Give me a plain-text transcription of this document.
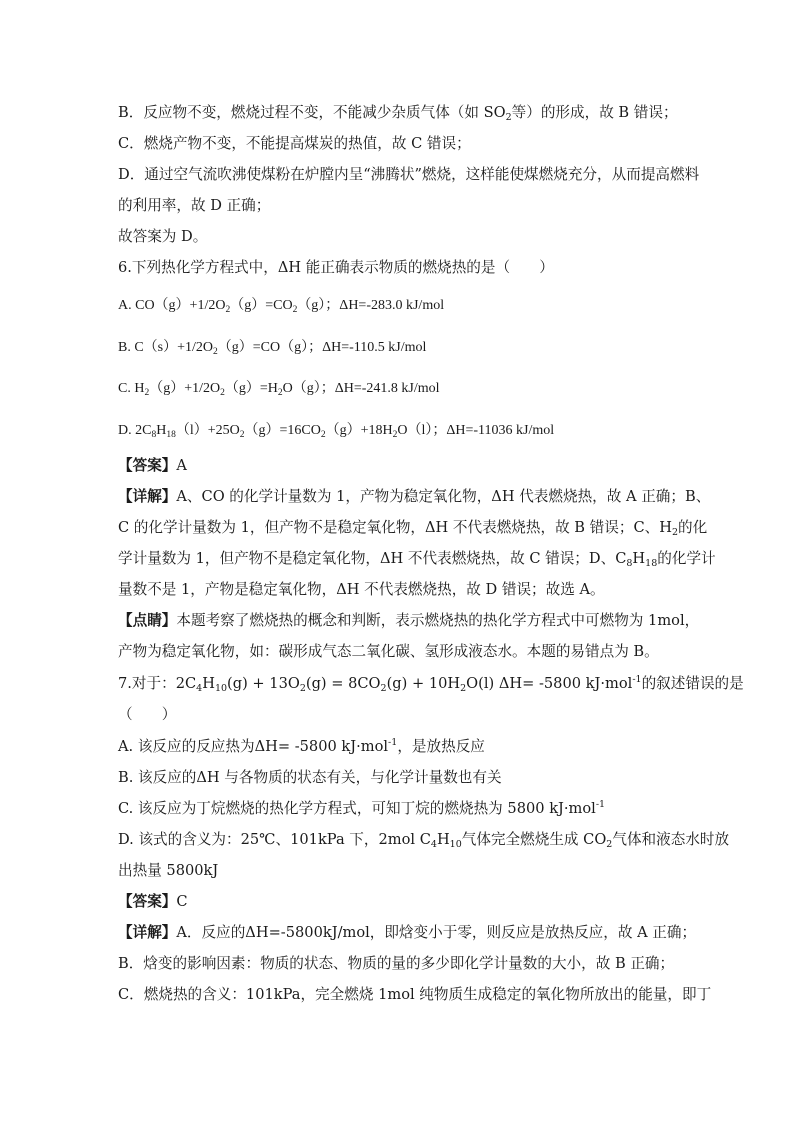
B．反应物不变，燃烧过程不变，不能减少杂质气体（如 $SO_2$等）的形成，故 B 错误；
C．燃烧产物不变，不能提高煤炭的热值，故 C 错误；
D．通过空气流吹沸使煤粉在炉膛内呈“沸腾状”燃烧，这样能使煤燃烧充分，从而提高燃料
的利用率，故 D 正确；
故答案为 D。
6.下列热化学方程式中，ΔH 能正确表示物质的燃烧热的是（　　）
A. $CO(g)+1/2O_2(g)=CO_2(g)$；ΔH=-283.0 kJ/mol
B. $C(s)+1/2O_2(g)=CO(g)$；ΔH=-110.5 kJ/mol
C. $H_2(g)+1/2O_2(g)=H_2O(g)$；ΔH=-241.8 kJ/mol
D. $2C_8H_{18}(l)+25O_2(g)=16CO_2(g)+18H_2O(l)$；ΔH=-11036 kJ/mol
【答案】A
【详解】A、CO 的化学计量数为 1，产物为稳定氧化物，ΔH 代表燃烧热，故 A 正确；B、
C 的化学计量数为 1，但产物不是稳定氧化物，ΔH 不代表燃烧热，故 B 错误；C、$H_2$的化
学计量数为 1，但产物不是稳定氧化物，ΔH 不代表燃烧热，故 C 错误；D、$C_8H_{18}$的化学计
量数不是 1，产物是稳定氧化物，ΔH 不代表燃烧热，故 D 错误；故选 A。
【点睛】本题考察了燃烧热的概念和判断，表示燃烧热的热化学方程式中可燃物为 1mol，
产物为稳定氧化物，如：碳形成气态二氧化碳、氢形成液态水。本题的易错点为 B。
7.对于：$2C_4H_{10}(g) + 13O_2(g) = 8CO_2(g) + 10H_2O(l)$ ΔH= -5800 kJ·mol$^{-1}$的叙述错误的是
（　　）
A. 该反应的反应热为ΔH= -5800 kJ·mol$^{-1}$，是放热反应
B. 该反应的ΔH 与各物质的状态有关，与化学计量数也有关
C. 该反应为丁烷燃烧的热化学方程式，可知丁烷的燃烧热为 5800 kJ·mol$^{-1}$
D. 该式的含义为：25℃、101kPa 下，2mol $C_4H_{10}$气体完全燃烧生成 $CO_2$气体和液态水时放
出热量 5800kJ
【答案】C
【详解】A．反应的ΔH=-5800kJ/mol，即焓变小于零，则反应是放热反应，故 A 正确；
B．焓变的影响因素：物质的状态、物质的量的多少即化学计量数的大小，故 B 正确；
C．燃烧热的含义：101kPa，完全燃烧 1mol 纯物质生成稳定的氧化物所放出的能量，即丁
